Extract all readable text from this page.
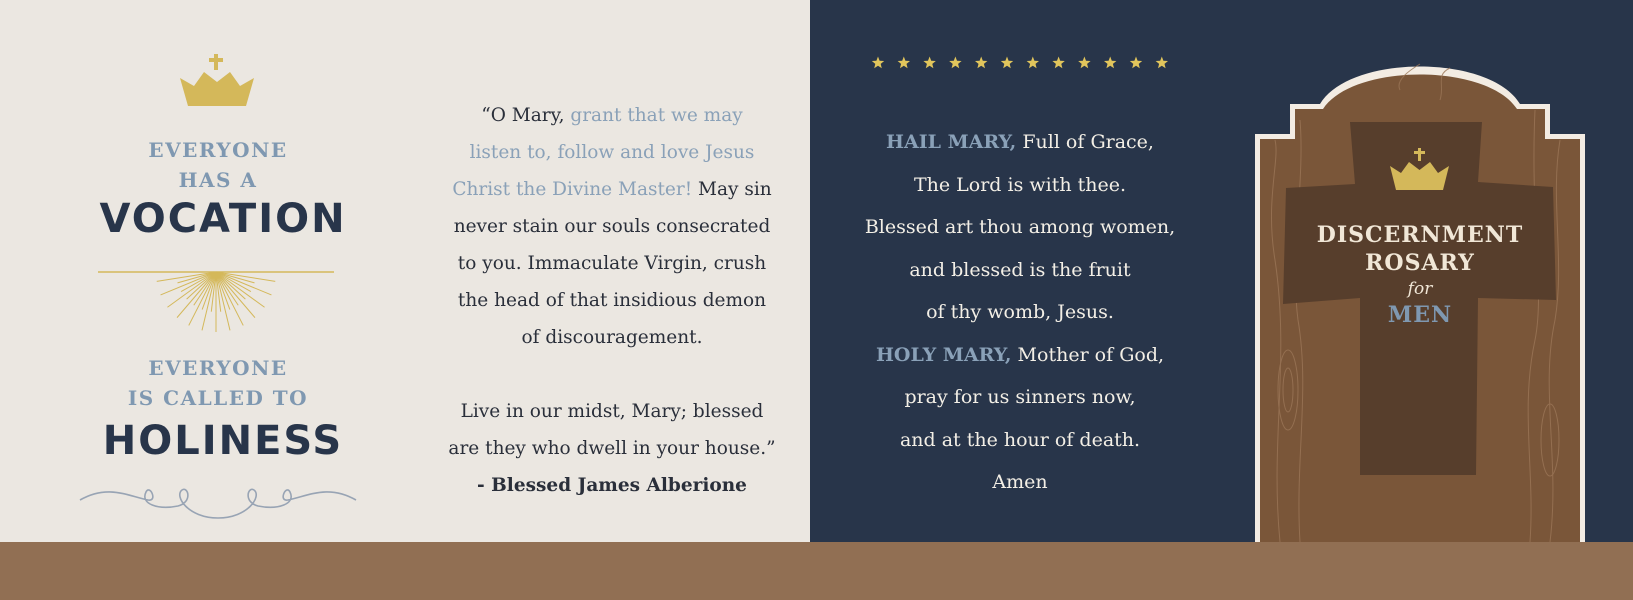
EVERYONE
HAS A
VOCATION
EVERYONE
IS CALLED TO
HOLINESS
“O Mary, grant that we may
listen to, follow and love Jesus
Christ the Divine Master! May sin
never stain our souls consecrated
to you. Immaculate Virgin, crush
the head of that insidious demon
of discouragement.
Live in our midst, Mary; blessed
are they who dwell in your house.”
- Blessed James Alberione
HAIL MARY, Full of Grace,
The Lord is with thee.
Blessed art thou among women,
and blessed is the fruit
of thy womb, Jesus.
HOLY MARY, Mother of God,
pray for us sinners now,
and at the hour of death.
Amen
DISCERNMENT
ROSARY
for
MEN
